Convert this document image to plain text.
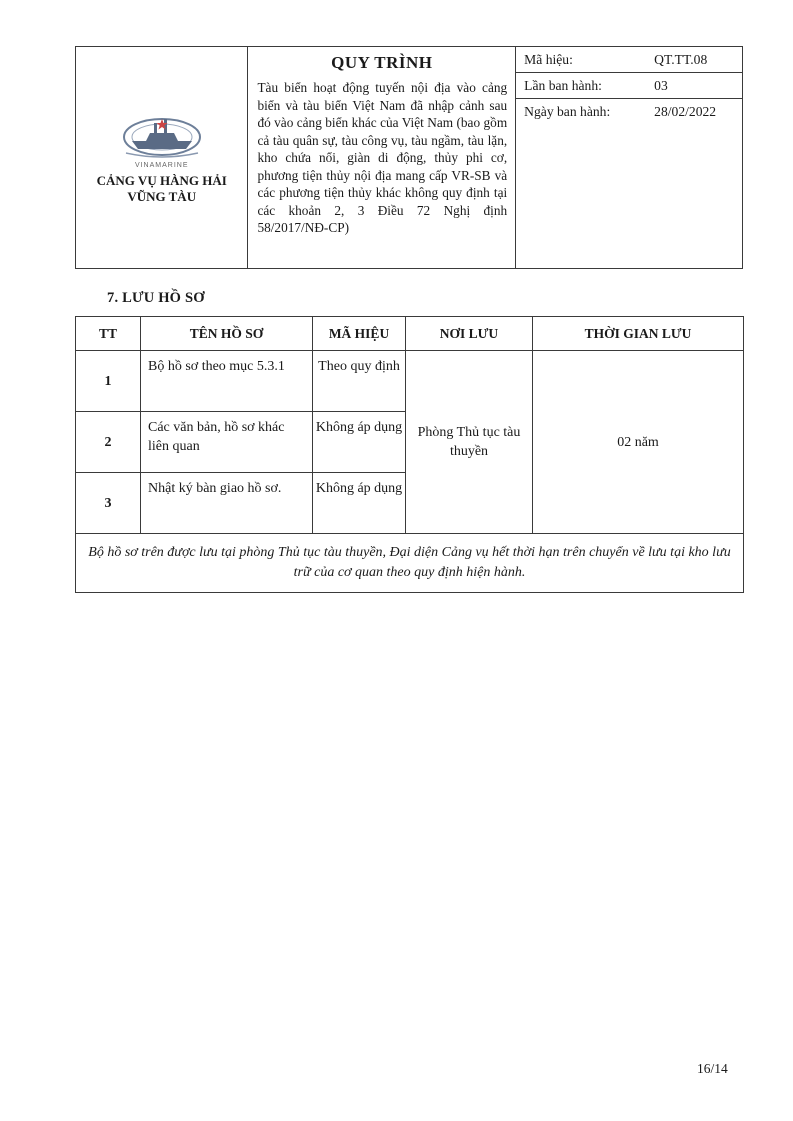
VINAMARINE
CẢNG VỤ HÀNG HẢI
VŨNG TÀU

QUY TRÌNH
Tàu biển hoạt động tuyến nội địa vào cảng biển và tàu biển Việt Nam đã nhập cảnh sau đó vào cảng biển khác của Việt Nam (bao gồm cả tàu quân sự, tàu công vụ, tàu ngầm, tàu lặn, kho chứa nổi, giàn di động, thủy phi cơ, phương tiện thủy nội địa mang cấp VR-SB và các phương tiện thủy khác không quy định tại các khoản 2, 3 Điều 72 Nghị định 58/2017/NĐ-CP)

Mã hiệu:	QT.TT.08
Lần ban hành:	03
Ngày ban hành:	28/02/2022
7. LƯU HỒ SƠ
TT	TÊN HỒ SƠ	MÃ HIỆU	NƠI LƯU	THỜI GIAN LƯU
1	Bộ hồ sơ theo mục 5.3.1	Theo quy định	Phòng Thủ tục tàu thuyền	02 năm
2	Các văn bản, hồ sơ khác liên quan	Không áp dụng		
3	Nhật ký bàn giao hồ sơ.	Không áp dụng		
Bộ hồ sơ trên được lưu tại phòng Thủ tục tàu thuyền, Đại diện Cảng vụ hết thời hạn trên chuyển về lưu tại kho lưu trữ của cơ quan theo quy định hiện hành.				
16/14
